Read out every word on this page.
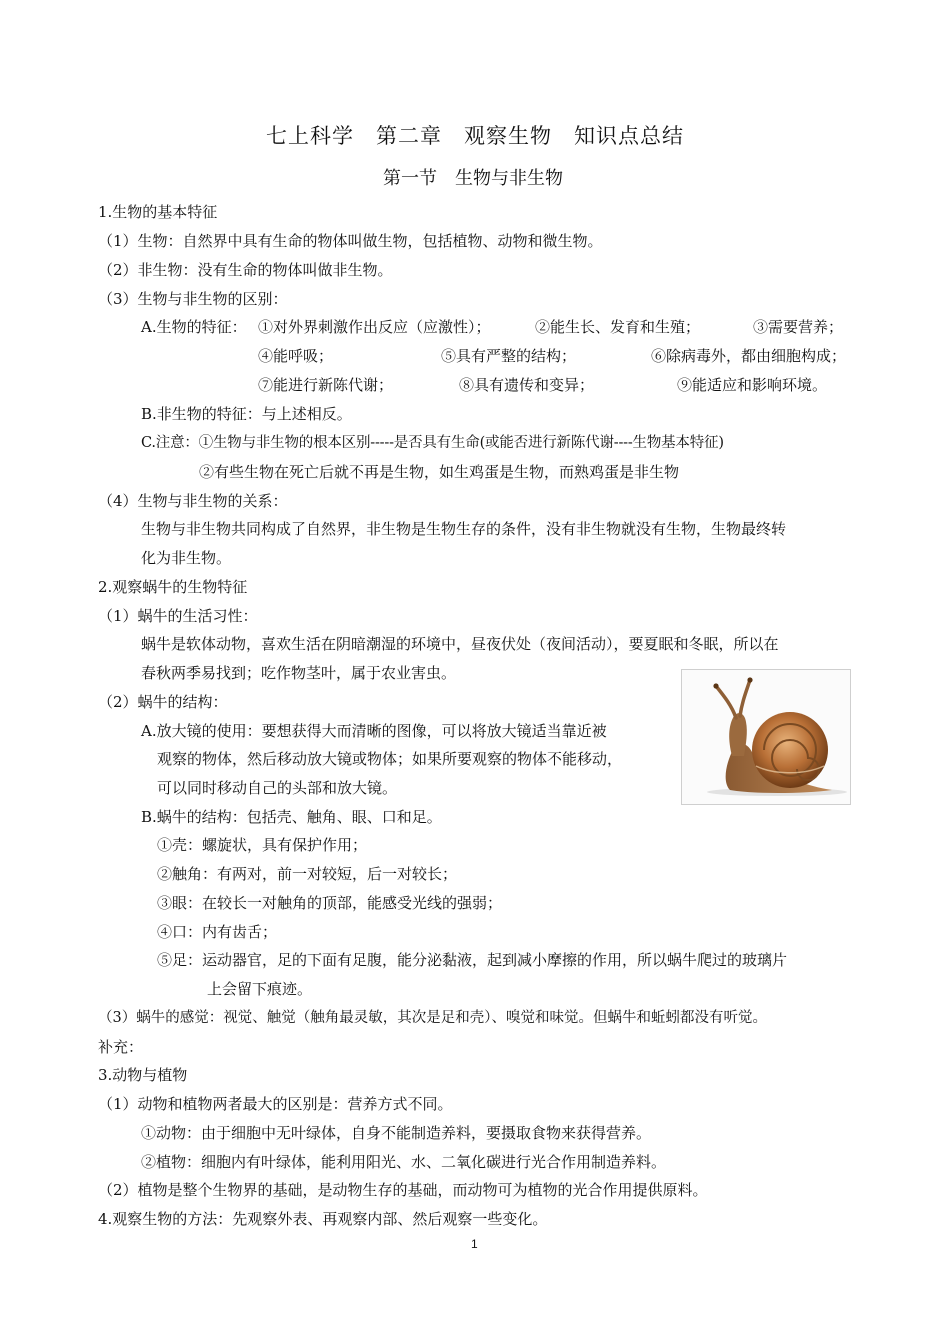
七上科学　第二章　观察生物　知识点总结
第一节　生物与非生物
1.生物的基本特征
（1）生物：自然界中具有生命的物体叫做生物，包括植物、动物和微生物。
（2）非生物：没有生命的物体叫做非生物。
（3）生物与非生物的区别：
A.生物的特征： ①对外界刺激作出反应（应激性）；	②能生长、发育和生殖；	③需要营养；
④能呼吸；	⑤具有严整的结构；	⑥除病毒外，都由细胞构成；
⑦能进行新陈代谢；	⑧具有遗传和变异；	⑨能适应和影响环境。
B.非生物的特征：与上述相反。
C.注意：①生物与非生物的根本区别-----是否具有生命(或能否进行新陈代谢----生物基本特征)
②有些生物在死亡后就不再是生物，如生鸡蛋是生物，而熟鸡蛋是非生物
（4）生物与非生物的关系：
生物与非生物共同构成了自然界，非生物是生物生存的条件，没有非生物就没有生物，生物最终转
化为非生物。
2.观察蜗牛的生物特征
（1）蜗牛的生活习性：
蜗牛是软体动物，喜欢生活在阴暗潮湿的环境中，昼夜伏处（夜间活动），要夏眠和冬眠，所以在
春秋两季易找到；吃作物茎叶，属于农业害虫。
（2）蜗牛的结构：
A.放大镜的使用：要想获得大而清晰的图像，可以将放大镜适当靠近被
观察的物体，然后移动放大镜或物体；如果所要观察的物体不能移动，
可以同时移动自己的头部和放大镜。
B.蜗牛的结构：包括壳、触角、眼、口和足。
①壳：螺旋状，具有保护作用；
②触角：有两对，前一对较短，后一对较长；
③眼：在较长一对触角的顶部，能感受光线的强弱；
④口：内有齿舌；
⑤足：运动器官，足的下面有足腹，能分泌黏液，起到减小摩擦的作用，所以蜗牛爬过的玻璃片
上会留下痕迹。
（3）蜗牛的感觉：视觉、触觉（触角最灵敏，其次是足和壳）、嗅觉和味觉。但蜗牛和蚯蚓都没有听觉。
补充：
3.动物与植物
（1）动物和植物两者最大的区别是：营养方式不同。
①动物：由于细胞中无叶绿体，自身不能制造养料，要摄取食物来获得营养。
②植物：细胞内有叶绿体，能利用阳光、水、二氧化碳进行光合作用制造养料。
（2）植物是整个生物界的基础，是动物生存的基础，而动物可为植物的光合作用提供原料。
4.观察生物的方法：先观察外表、再观察内部、然后观察一些变化。
1
